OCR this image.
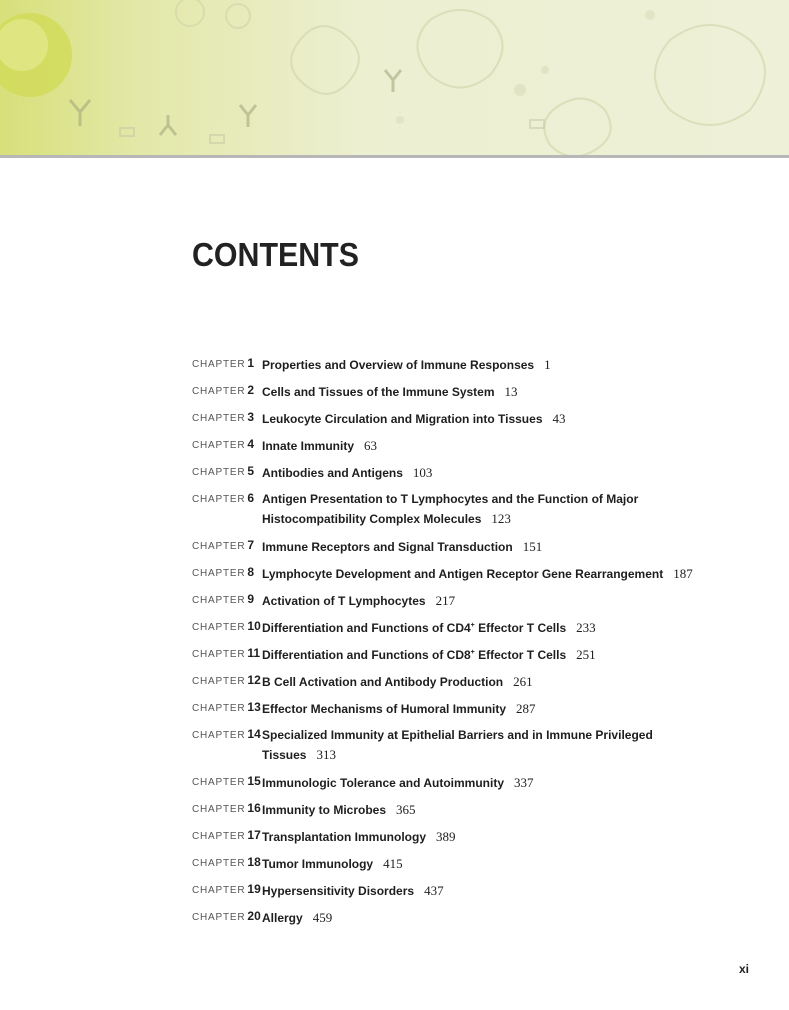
CONTENTS
CHAPTER 1 Properties and Overview of Immune Responses 1
CHAPTER 2 Cells and Tissues of the Immune System 13
CHAPTER 3 Leukocyte Circulation and Migration into Tissues 43
CHAPTER 4 Innate Immunity 63
CHAPTER 5 Antibodies and Antigens 103
CHAPTER 6 Antigen Presentation to T Lymphocytes and the Function of Major
Histocompatibility Complex Molecules 123
CHAPTER 7 Immune Receptors and Signal Transduction 151
CHAPTER 8 Lymphocyte Development and Antigen Receptor Gene Rearrangement 187
CHAPTER 9 Activation of T Lymphocytes 217
CHAPTER 10 Differentiation and Functions of CD4+ Effector T Cells 233
CHAPTER 11 Differentiation and Functions of CD8+ Effector T Cells 251
CHAPTER 12 B Cell Activation and Antibody Production 261
CHAPTER 13 Effector Mechanisms of Humoral Immunity 287
CHAPTER 14 Specialized Immunity at Epithelial Barriers and in Immune Privileged
Tissues 313
CHAPTER 15 Immunologic Tolerance and Autoimmunity 337
CHAPTER 16 Immunity to Microbes 365
CHAPTER 17 Transplantation Immunology 389
CHAPTER 18 Tumor Immunology 415
CHAPTER 19 Hypersensitivity Disorders 437
CHAPTER 20 Allergy 459
xi
